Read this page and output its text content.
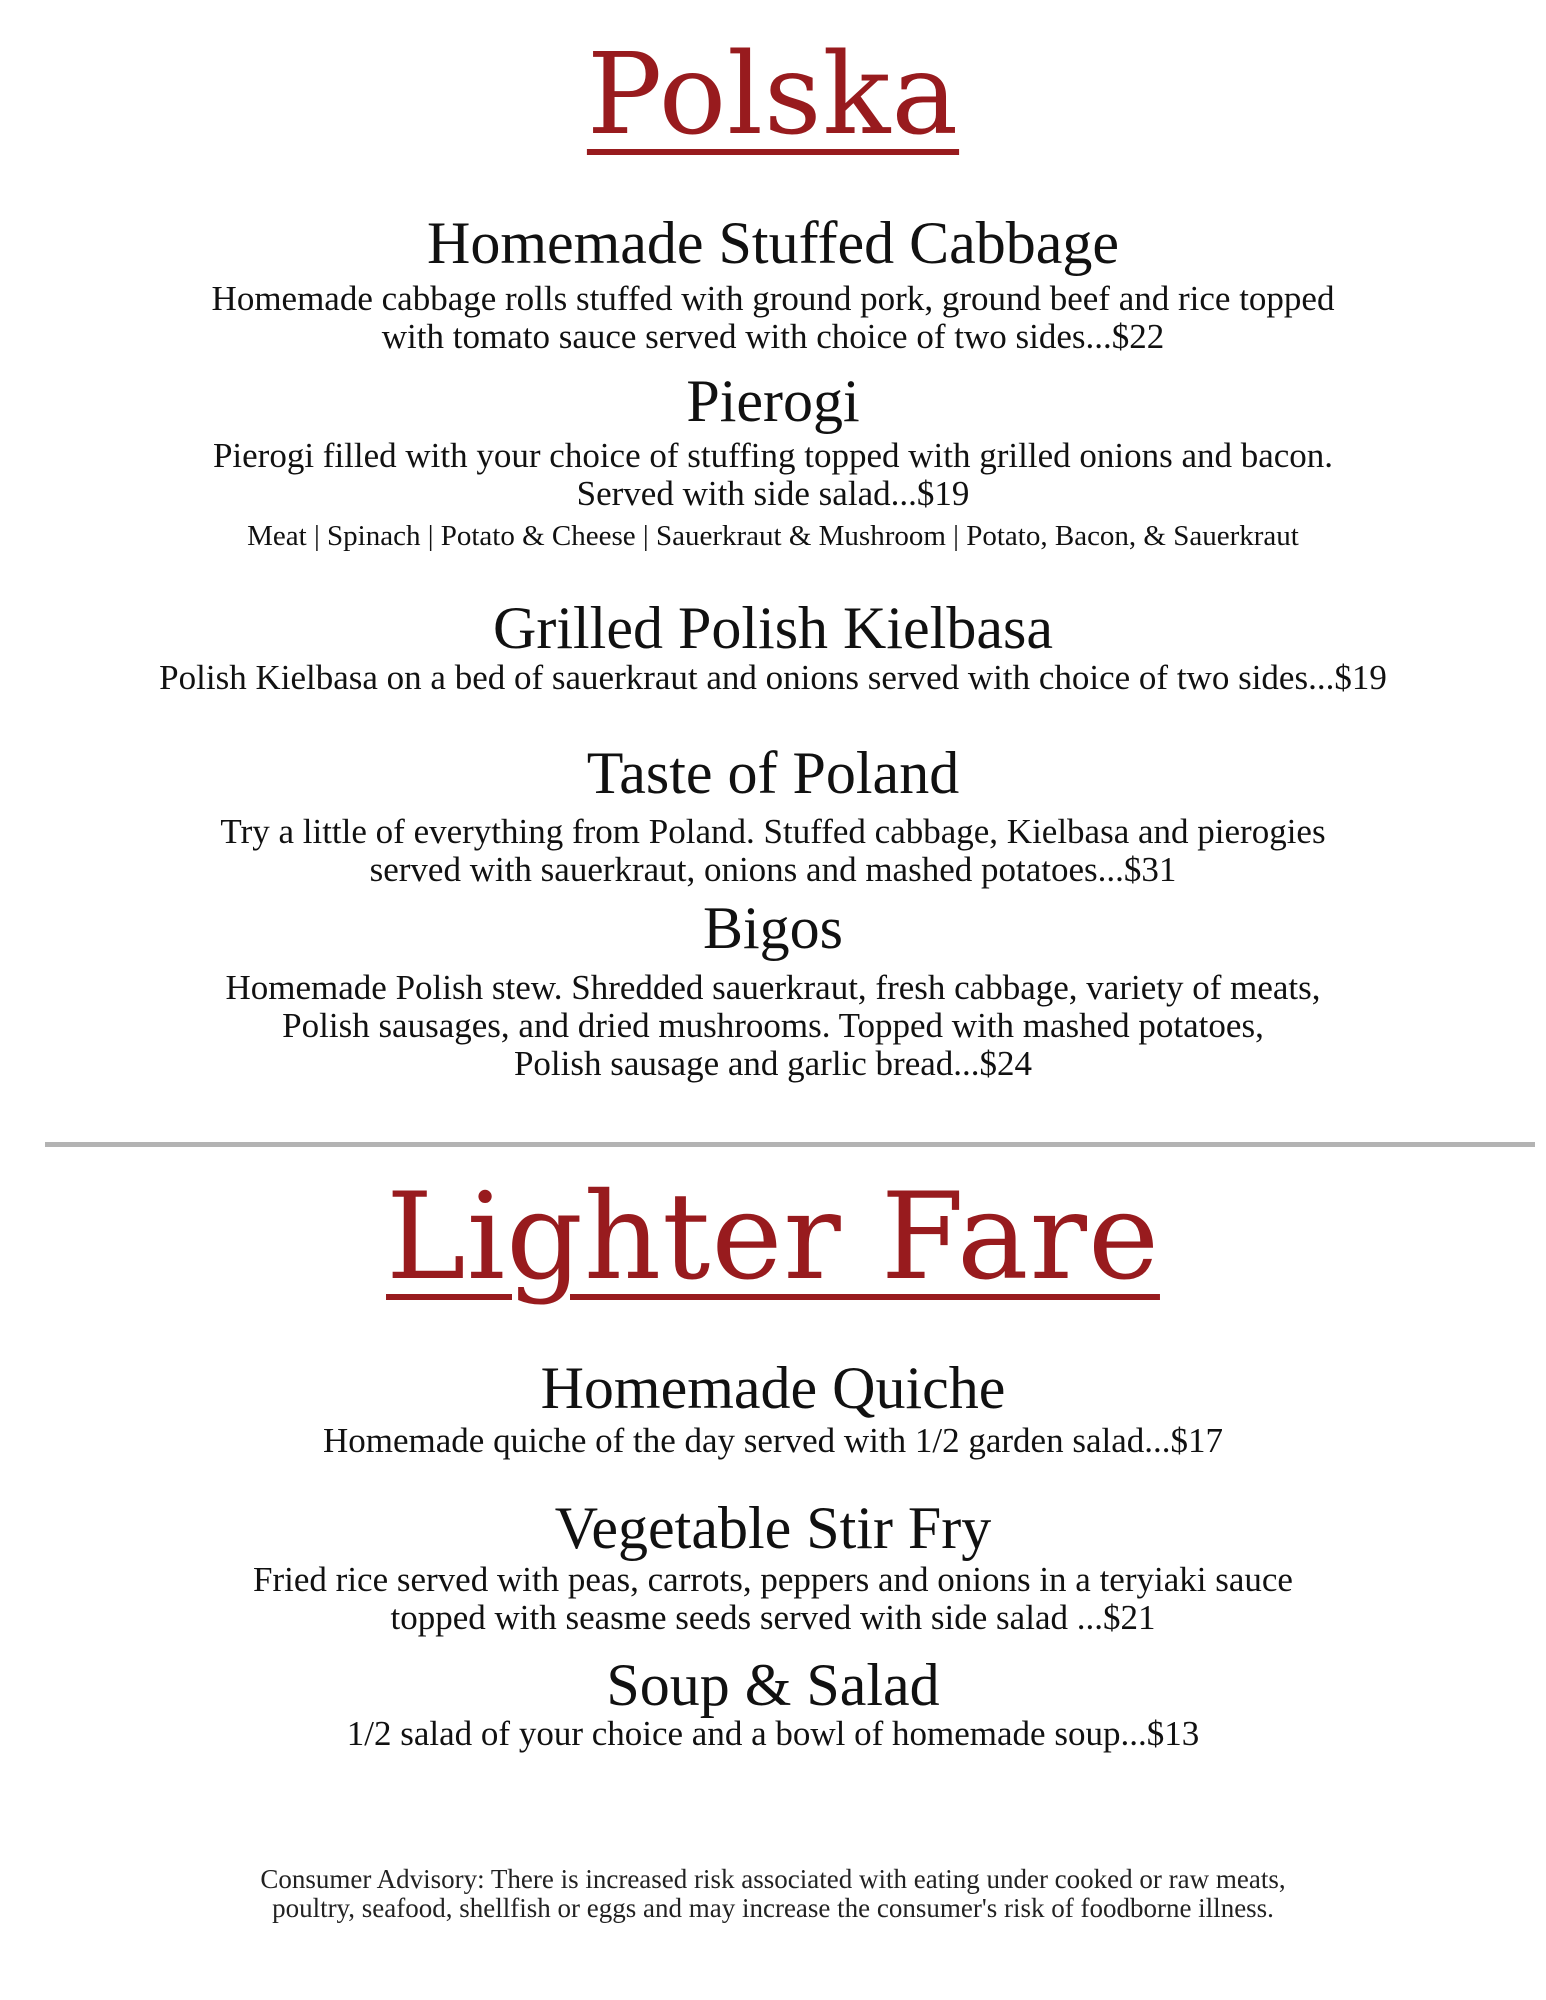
Polska
Homemade Stuffed Cabbage

Homemade cabbage rolls stuffed with ground pork, ground beef and rice topped

with tomato sauce served with choice of two sides...$22

Pierogi

Pierogi filled with your choice of stuffing topped with grilled onions and bacon.

Served with side salad...$19

Meat | Spinach | Potato & Cheese | Sauerkraut & Mushroom | Potato, Bacon, & Sauerkraut
Grilled Polish Kielbasa

Polish Kielbasa on a bed of sauerkraut and onions served with choice of two sides...$19

Taste of Poland

Try a little of everything from Poland. Stuffed cabbage, Kielbasa and pierogies

served with sauerkraut, onions and mashed potatoes...$31

Bigos

Homemade Polish stew. Shredded sauerkraut, fresh cabbage, variety of meats,

Polish sausages, and dried mushrooms. Topped with mashed potatoes,

Polish sausage and garlic bread...$24

Lighter Fare
Homemade Quiche

Homemade quiche of the day served with 1/2 garden salad...$17

Vegetable Stir Fry

Fried rice served with peas, carrots, peppers and onions in a teryiaki sauce

topped with seasme seeds served with side salad ...$21

Soup & Salad

1/2 salad of your choice and a bowl of homemade soup...$13

Consumer Advisory: There is increased risk associated with eating under cooked or raw meats,
poultry, seafood, shellfish or eggs and may increase the consumer's risk of foodborne illness.
